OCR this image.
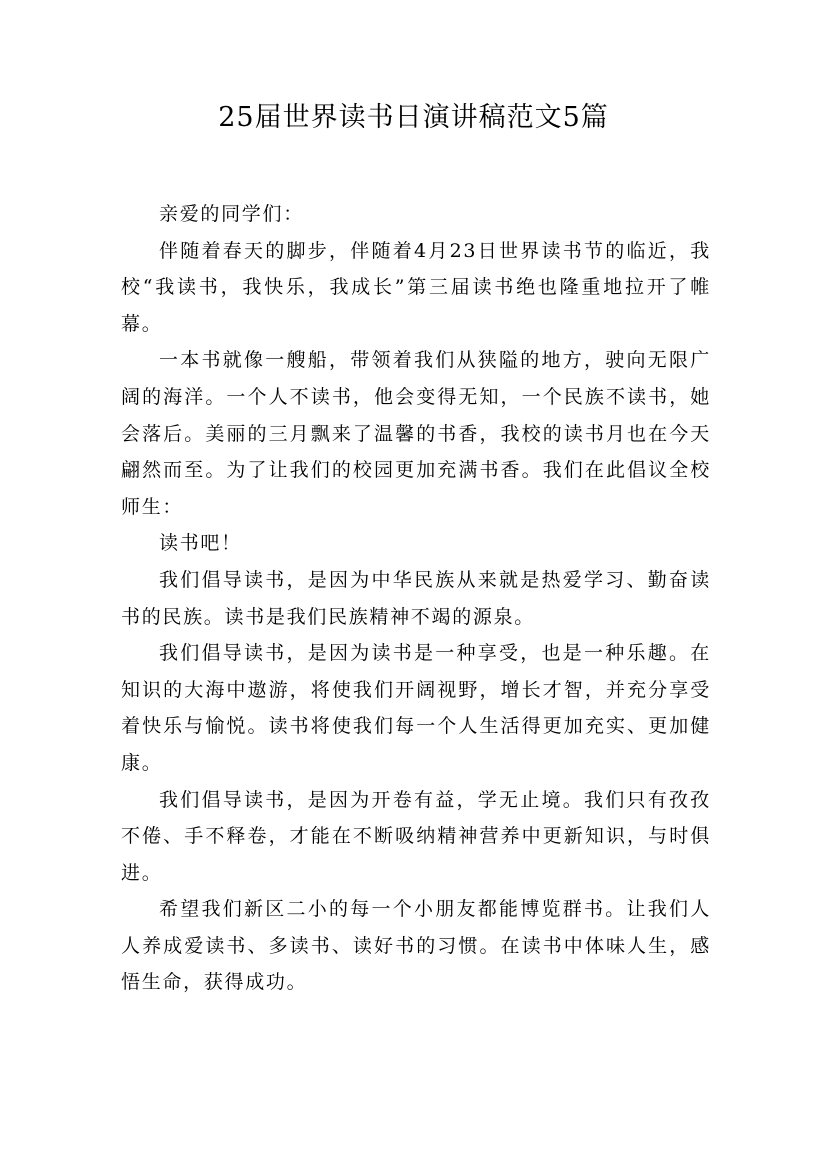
25届世界读书日演讲稿范文5篇

亲爱的同学们：

伴随着春天的脚步，伴随着4月23日世界读书节的临近，我校“我读书，我快乐，我成长”第三届读书绝也隆重地拉开了帷幕。

一本书就像一艘船，带领着我们从狭隘的地方，驶向无限广阔的海洋。一个人不读书，他会变得无知，一个民族不读书，她会落后。美丽的三月飘来了温馨的书香，我校的读书月也在今天翩然而至。为了让我们的校园更加充满书香。我们在此倡议全校师生：

读书吧！

我们倡导读书，是因为中华民族从来就是热爱学习、勤奋读书的民族。读书是我们民族精神不竭的源泉。

我们倡导读书，是因为读书是一种享受，也是一种乐趣。在知识的大海中遨游，将使我们开阔视野，增长才智，并充分享受着快乐与愉悦。读书将使我们每一个人生活得更加充实、更加健康。

我们倡导读书，是因为开卷有益，学无止境。我们只有孜孜不倦、手不释卷，才能在不断吸纳精神营养中更新知识，与时俱进。

希望我们新区二小的每一个小朋友都能博览群书。让我们人人养成爱读书、多读书、读好书的习惯。在读书中体味人生，感悟生命，获得成功。
